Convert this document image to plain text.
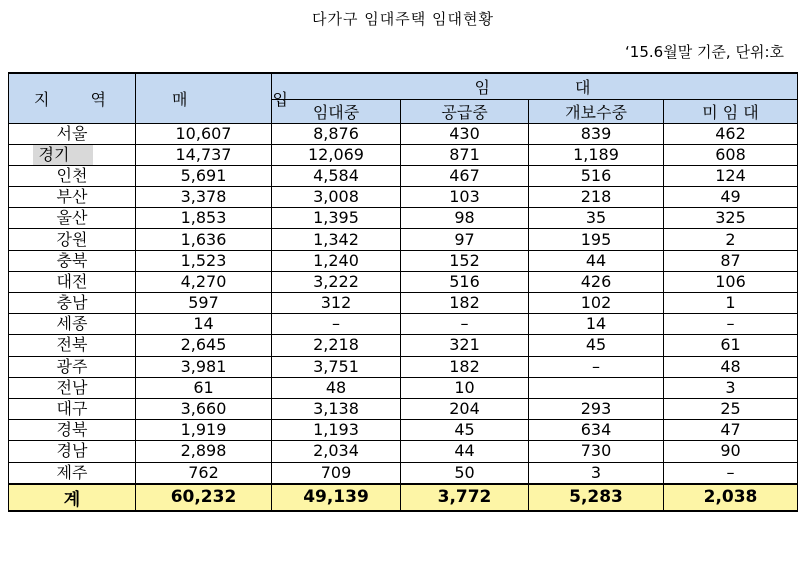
다가구 임대주택 임대현황
‘15.6월말 기준, 단위:호
지 역	매 입	임 대			
		임대중	공급중	개보수중	미 임 대
서울	10,607	8,876	430	839	462
경기	14,737	12,069	871	1,189	608
인천	5,691	4,584	467	516	124
부산	3,378	3,008	103	218	49
울산	1,853	1,395	98	35	325
강원	1,636	1,342	97	195	2
충북	1,523	1,240	152	44	87
대전	4,270	3,222	516	426	106
충남	597	312	182	102	1
세종	14	–	–	14	–
전북	2,645	2,218	321	45	61
광주	3,981	3,751	182	–	48
전남	61	48	10		3
대구	3,660	3,138	204	293	25
경북	1,919	1,193	45	634	47
경남	2,898	2,034	44	730	90
제주	762	709	50	3	–
계	60,232	49,139	3,772	5,283	2,038
